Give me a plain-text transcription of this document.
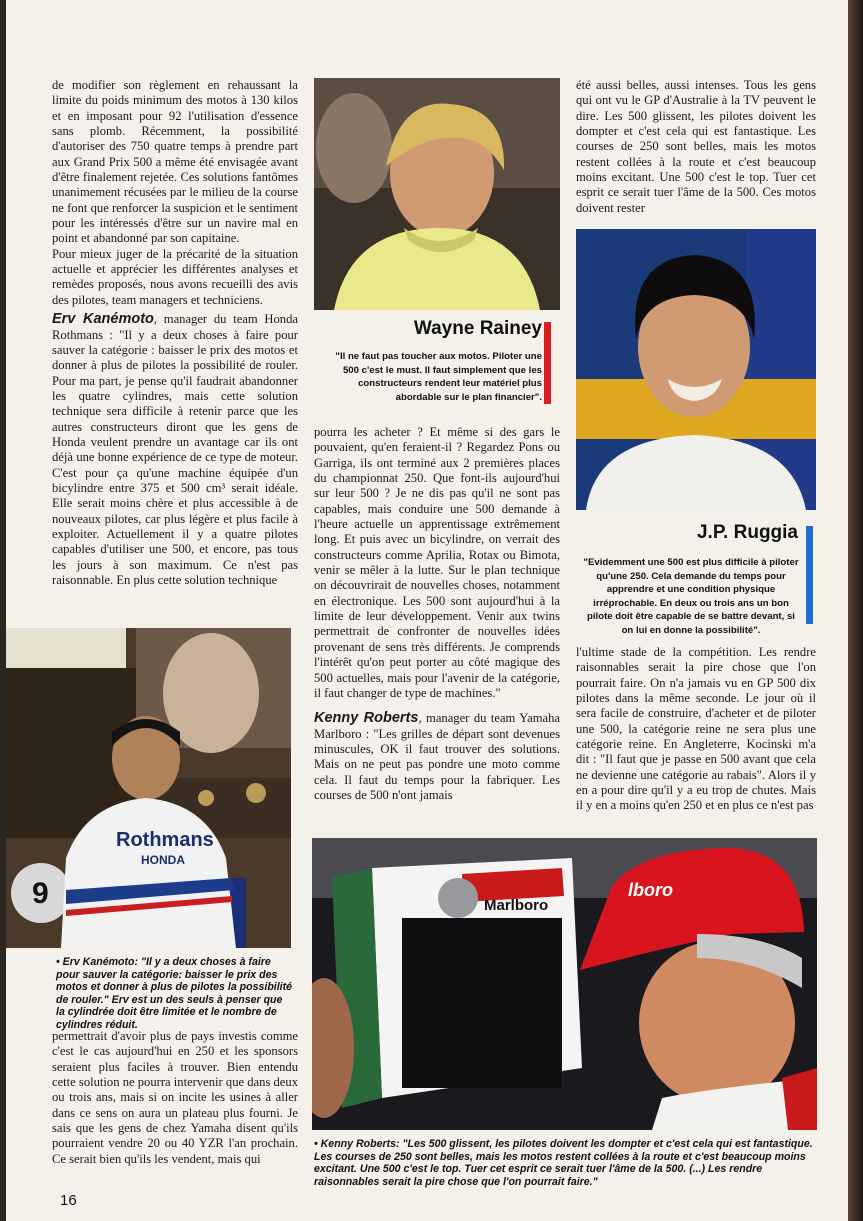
de modifier son règlement en rehaussant la limite du poids minimum des motos à 130 kilos et en imposant pour 92 l'utilisation d'essence sans plomb. Récemment, la possibilité d'autoriser des 750 quatre temps à prendre part aux Grand Prix 500 a même été envisagée avant d'être finalement rejetée. Ces solutions fantômes unanimement récusées par le milieu de la course ne font que renforcer la suspicion et le sentiment pour les intéressés d'être sur un navire mal en point et abandonné par son capitaine.

Pour mieux juger de la précarité de la situation actuelle et apprécier les différentes analyses et remèdes proposés, nous avons recueilli des avis des pilotes, team managers et techniciens.

Erv Kanémoto, manager du team Honda Rothmans : "Il y a deux choses à faire pour sauver la catégorie : baisser le prix des motos et donner à plus de pilotes la possibilité de rouler. Pour ma part, je pense qu'il faudrait abandonner les quatre cylindres, mais cette solution technique sera difficile à retenir parce que les autres constructeurs diront que les gens de Honda veulent prendre un avantage car ils ont déjà une bonne expérience de ce type de moteur. C'est pour ça qu'une machine équipée d'un bicylindre entre 375 et 500 cm³ serait idéale. Elle serait moins chère et plus accessible à de nouveaux pilotes, car plus légère et plus facile à exploiter. Actuellement il y a quatre pilotes capables d'utiliser une 500, et encore, pas tous les jours à son maximum. Ce n'est pas raisonnable. En plus cette solution technique

Rothmans
HONDA
9
• Erv Kanémoto: "Il y a deux choses à faire pour sauver la catégorie: baisser le prix des motos et donner à plus de pilotes la possibilité de rouler." Erv est un des seuls à penser que la cylindrée doit être limitée et le nombre de cylindres réduit.

permettrait d'avoir plus de pays investis comme c'est le cas aujourd'hui en 250 et les sponsors seraient plus faciles à trouver. Bien entendu cette solution ne pourra intervenir que dans deux ou trois ans, mais si on incite les usines à aller dans ce sens on aura un plateau plus fourni. Je sais que les gens de chez Yamaha disent qu'ils pourraient vendre 20 ou 40 YZR l'an prochain. Ce serait bien qu'ils les vendent, mais qui

Wayne Rainey
"Il ne faut pas toucher aux motos. Piloter une 500 c'est le must. Il faut simplement que les constructeurs rendent leur matériel plus abordable sur le plan financier".

pourra les acheter ? Et même si des gars le pouvaient, qu'en feraient-il ? Regardez Pons ou Garriga, ils ont terminé aux 2 premières places du championnat 250. Que font-ils aujourd'hui sur leur 500 ? Je ne dis pas qu'il ne sont pas capables, mais conduire une 500 demande à l'heure actuelle un apprentissage extrêmement long. Et puis avec un bicylindre, on verrait des constructeurs comme Aprilia, Rotax ou Bimota, venir se mêler à la lutte. Sur le plan technique on découvrirait de nouvelles choses, notamment en électronique. Les 500 sont aujourd'hui à la limite de leur développement. Venir aux twins permettrait de confronter de nouvelles idées provenant de sens très différents. Je comprends l'intérêt qu'on peut porter au côté magique des 500 actuelles, mais pour l'avenir de la catégorie, il faut changer de type de machines."

Kenny Roberts, manager du team Yamaha Marlboro : "Les grilles de départ sont devenues minuscules, OK il faut trouver des solutions. Mais on ne peut pas pondre une moto comme cela. Il faut du temps pour la fabriquer. Les courses de 500 n'ont jamais

été aussi belles, aussi intenses. Tous les gens qui ont vu le GP d'Australie à la TV peuvent le dire. Les 500 glissent, les pilotes doivent les dompter et c'est cela qui est fantastique. Les courses de 250 sont belles, mais les motos restent collées à la route et c'est beaucoup moins excitant. Une 500 c'est le top. Tuer cet esprit ce serait tuer l'âme de la 500. Ces motos doivent rester

J.P. Ruggia
"Evidemment une 500 est plus difficile à piloter qu'une 250. Cela demande du temps pour apprendre et une condition physique irréprochable. En deux ou trois ans un bon pilote doit être capable de se battre devant, si on lui en donne la possibilité".

l'ultime stade de la compétition. Les rendre raisonnables serait la pire chose que l'on pourrait faire. On n'a jamais vu en GP 500 dix pilotes dans la même seconde. Le jour où il sera facile de construire, d'acheter et de piloter une 500, la catégorie reine ne sera plus une catégorie reine. En Angleterre, Kocinski m'a dit : "Il faut que je passe en 500 avant que cela ne devienne une catégorie au rabais". Alors il y en a pour dire qu'il y a eu trop de chutes. Mais il y en a moins qu'en 250 et en plus ce n'est pas

Marlboro
lboro
• Kenny Roberts: "Les 500 glissent, les pilotes doivent les dompter et c'est cela qui est fantastique. Les courses de 250 sont belles, mais les motos restent collées à la route et c'est beaucoup moins excitant. Une 500 c'est le top. Tuer cet esprit ce serait tuer l'âme de la 500. (...) Les rendre raisonnables serait la pire chose que l'on pourrait faire."
16
